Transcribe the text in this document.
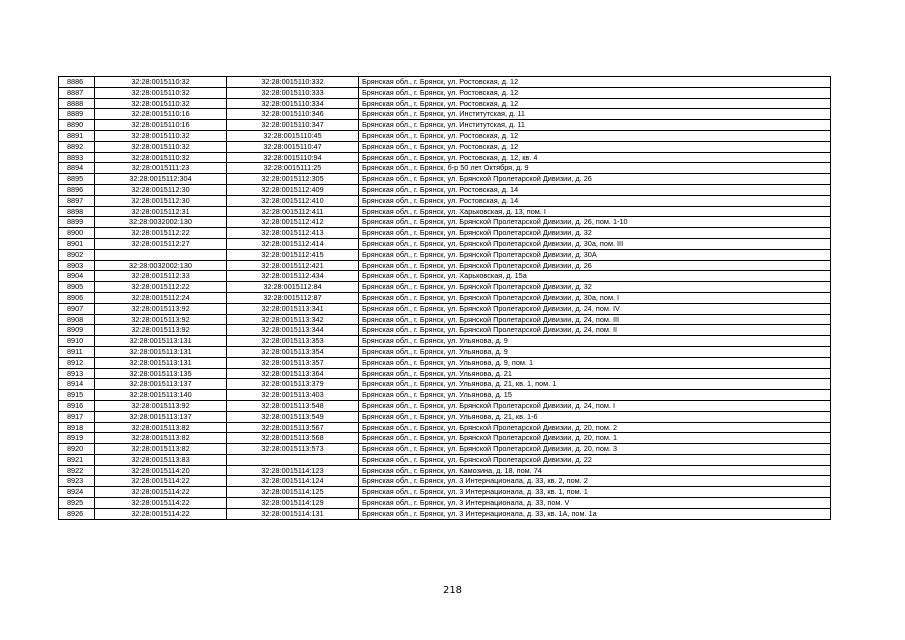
8886	32:28:0015110:32	32:28:0015110:332	Брянская обл., г. Брянск, ул. Ростовская, д. 12
8887	32:28:0015110:32	32:28:0015110:333	Брянская обл., г. Брянск, ул. Ростовская, д. 12
8888	32:28:0015110:32	32:28:0015110:334	Брянская обл., г. Брянск, ул. Ростовская, д. 12
8889	32:28:0015110:16	32:28:0015110:346	Брянская обл., г. Брянск, ул. Институтская, д. 11
8890	32:28:0015110:16	32:28:0015110:347	Брянская обл., г. Брянск, ул. Институтская, д. 11
8891	32:28:0015110:32	32:28:0015110:45	Брянская обл., г. Брянск, ул. Ростовская, д. 12
8892	32:28:0015110:32	32:28:0015110:47	Брянская обл., г. Брянск, ул. Ростовская, д. 12
8893	32:28:0015110:32	32:28:0015110:94	Брянская обл., г. Брянск, ул. Ростовская, д. 12, кв. 4
8894	32:28:0015111:23	32:28:0015111:25	Брянская обл., г. Брянск, б-р 50 лет Октября, д. 9
8895	32:28:0015112:304	32:28:0015112:305	Брянская обл., г. Брянск, ул. Брянской Пролетарской Дивизии, д. 26
8896	32:28:0015112:30	32:28:0015112:409	Брянская обл., г. Брянск, ул. Ростовская, д. 14
8897	32:28:0015112:30	32:28:0015112:410	Брянская обл., г. Брянск, ул. Ростовская, д. 14
8898	32:28:0015112:31	32:28:0015112:411	Брянская обл., г. Брянск, ул. Харьковская, д. 13, пом. I
8899	32:28:0032002:130	32:28:0015112:412	Брянская обл., г. Брянск, ул. Брянской Пролетарской Дивизии, д. 26, пом. 1-10
8900	32:28:0015112:22	32:28:0015112:413	Брянская обл., г. Брянск, ул. Брянской Пролетарской Дивизии, д. 32
8901	32:28:0015112:27	32:28:0015112:414	Брянская обл., г. Брянск, ул. Брянской Пролетарской Дивизии, д. 30а, пом. III
8902		32:28:0015112:415	Брянская обл., г. Брянск, ул. Брянской Пролетарской Дивизии, д. 30А
8903	32:28:0032002:130	32:28:0015112:421	Брянская обл., г. Брянск, ул. Брянской Пролетарской Дивизии, д. 26
8904	32:28:0015112:33	32:28:0015112:434	Брянская обл., г. Брянск, ул. Харьковская, д. 15а
8905	32:28:0015112:22	32:28:0015112:84	Брянская обл., г. Брянск, ул. Брянской Пролетарской Дивизии, д. 32
8906	32:28:0015112:24	32:28:0015112:87	Брянская обл., г. Брянск, ул. Брянской Пролетарской Дивизии, д. 30а, пом. I
8907	32:28:0015113:92	32:28:0015113:341	Брянская обл., г. Брянск, ул. Брянской Пролетарской Дивизии, д. 24, пом. IV
8908	32:28:0015113:92	32:28:0015113:342	Брянская обл., г. Брянск, ул. Брянской Пролетарской Дивизии, д. 24, пом. III
8909	32:28:0015113:92	32:28:0015113:344	Брянская обл., г. Брянск, ул. Брянской Пролетарской Дивизии, д. 24, пом. II
8910	32:28:0015113:131	32:28:0015113:353	Брянская обл., г. Брянск, ул. Ульянова, д. 9
8911	32:28:0015113:131	32:28:0015113:354	Брянская обл., г. Брянск, ул. Ульянова, д. 9
8912	32:28:0015113:131	32:28:0015113:357	Брянская обл., г. Брянск, ул. Ульянова, д. 9, пом. 1
8913	32:28:0015113:135	32:28:0015113:364	Брянская обл., г. Брянск, ул. Ульянова, д. 21
8914	32:28:0015113:137	32:28:0015113:379	Брянская обл., г. Брянск, ул. Ульянова, д. 21, кв. 1, пом. 1
8915	32:28:0015113:140	32:28:0015113:403	Брянская обл., г. Брянск, ул. Ульянова, д. 15
8916	32:28:0015113:92	32:28:0015113:548	Брянская обл., г. Брянск, ул. Брянской Пролетарской Дивизии, д. 24, пом. I
8917	32:28:0015113:137	32:28:0015113:549	Брянская обл., г. Брянск, ул. Ульянова, д. 21, кв. 1-6
8918	32:28:0015113:82	32:28:0015113:567	Брянская обл., г. Брянск, ул. Брянской Пролетарской Дивизии, д. 20, пом. 2
8919	32:28:0015113:82	32:28:0015113:568	Брянская обл., г. Брянск, ул. Брянской Пролетарской Дивизии, д. 20, пом. 1
8920	32:28:0015113:82	32:28:0015113:573	Брянская обл., г. Брянск, ул. Брянской Пролетарской Дивизии, д. 20, пом. 3
8921	32:28:0015113:83		Брянская обл., г. Брянск, ул. Брянской Пролетарской Дивизии, д. 22
8922	32:28:0015114:20	32:28:0015114:123	Брянская обл., г. Брянск, ул. Камозина, д. 18, пом. 74
8923	32:28:0015114:22	32:28:0015114:124	Брянская обл., г. Брянск, ул. 3 Интернационала, д. 33, кв. 2, пом. 2
8924	32:28:0015114:22	32:28:0015114:125	Брянская обл., г. Брянск, ул. 3 Интернационала, д. 33, кв. 1, пом. 1
8925	32:28:0015114:22	32:28:0015114:129	Брянская обл., г. Брянск, ул. 3 Интернационала, д. 33, пом. V
8926	32:28:0015114:22	32:28:0015114:131	Брянская обл., г. Брянск, ул. 3 Интернационала, д. 33, кв. 1А, пом. 1а
218
